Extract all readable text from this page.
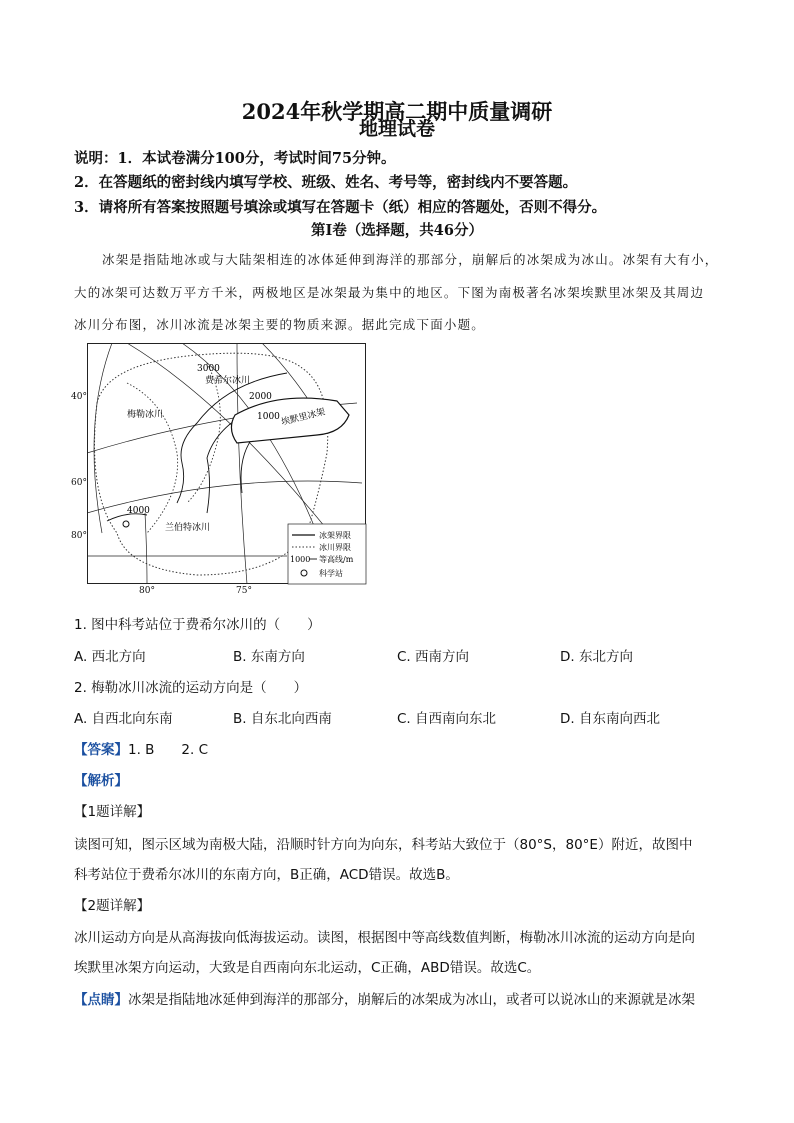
2024年秋学期高二期中质量调研
地理试卷
说明：1．本试卷满分100分，考试时间75分钟。
2．在答题纸的密封线内填写学校、班级、姓名、考号等，密封线内不要答题。
3．请将所有答案按照题号填涂或填写在答题卡（纸）相应的答题处，否则不得分。
第Ⅰ卷（选择题，共46分）
冰架是指陆地冰或与大陆架相连的冰体延伸到海洋的那部分，崩解后的冰架成为冰山。冰架有大有小，
大的冰架可达数万平方千米，两极地区是冰架最为集中的地区。下图为南极著名冰架埃默里冰架及其周边
冰川分布图，冰川冰流是冰架主要的物质来源。据此完成下面小题。
3000
费希尔冰川
2000
1000 埃默里冰架
梅勒冰川
4000
兰伯特冰川
冰架界限
冰川界限
1000 等高线/m
科学站
40°
60°
80°
80°	75°
1. 图中科考站位于费希尔冰川的（　　）
A. 西北方向	B. 东南方向	C. 西南方向	D. 东北方向
2. 梅勒冰川冰流的运动方向是（　　）
A. 自西北向东南	B. 自东北向西南	C. 自西南向东北	D. 自东南向西北
【答案】1. B　　2. C
【解析】
【1题详解】
读图可知，图示区域为南极大陆，沿顺时针方向为向东，科考站大致位于（80°S，80°E）附近，故图中
科考站位于费希尔冰川的东南方向，B正确，ACD错误。故选B。
【2题详解】
冰川运动方向是从高海拔向低海拔运动。读图，根据图中等高线数值判断，梅勒冰川冰流的运动方向是向
埃默里冰架方向运动，大致是自西南向东北运动，C正确，ABD错误。故选C。
【点睛】冰架是指陆地冰延伸到海洋的那部分，崩解后的冰架成为冰山，或者可以说冰山的来源就是冰架
